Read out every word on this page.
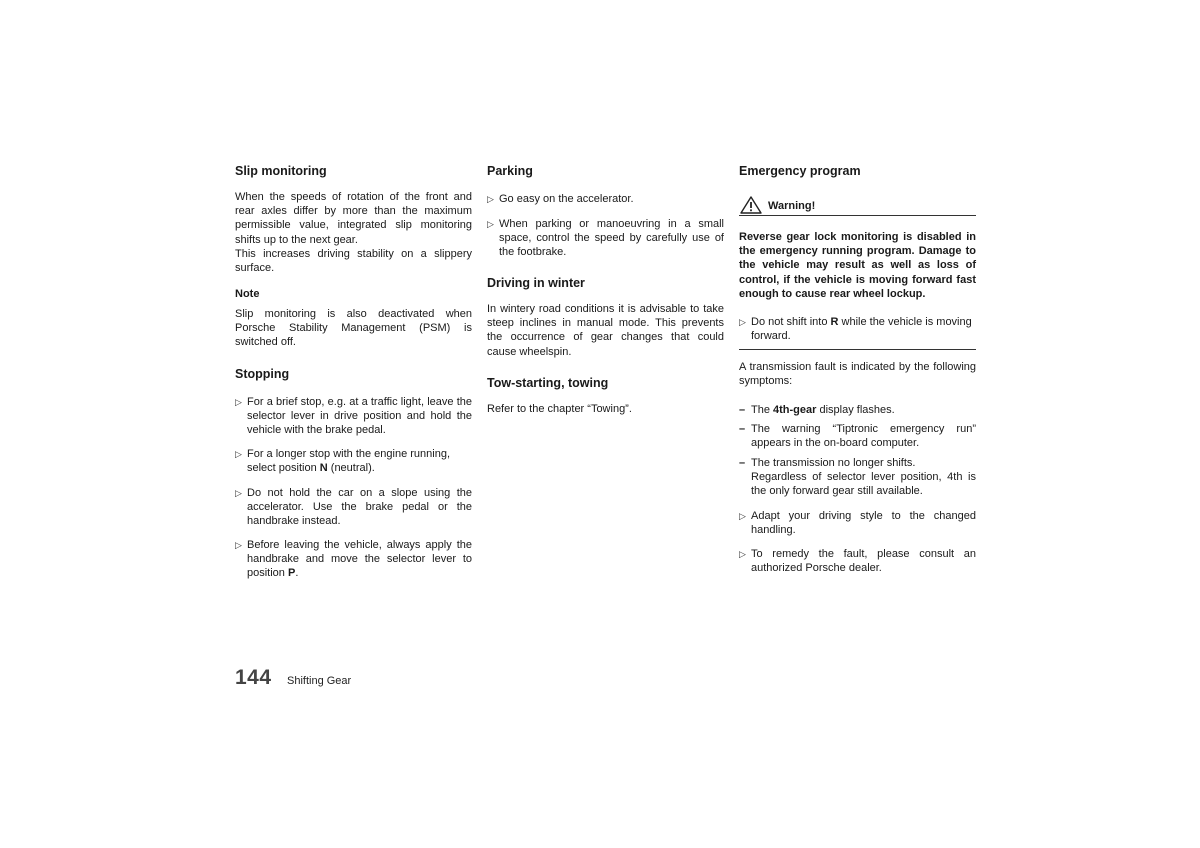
Slip monitoring

When the speeds of rotation of the front and rear axles differ by more than the maximum permissible value, integrated slip monitoring shifts up to the next gear.

This increases driving stability on a slippery surface.

Note

Slip monitoring is also deactivated when Porsche Stability Management (PSM) is switched off.

Stopping
▷ For a brief stop, e.g. at a traffic light, leave the selector lever in drive position and hold the vehicle with the brake pedal.

▷ For a longer stop with the engine running, select position N (neutral).

▷ Do not hold the car on a slope using the accelerator. Use the brake pedal or the handbrake instead.

▷ Before leaving the vehicle, always apply the handbrake and move the selector lever to position P.

Parking
▷ Go easy on the accelerator.

▷ When parking or manoeuvring in a small space, control the speed by carefully use of the footbrake.

Driving in winter

In wintery road conditions it is advisable to take steep inclines in manual mode. This prevents the occurrence of gear changes that could cause wheelspin.

Tow-starting, towing

Refer to the chapter “Towing”.

Emergency program
Warning!

Reverse gear lock monitoring is disabled in the emergency running program. Damage to the vehicle may result as well as loss of control, if the vehicle is moving forward fast enough to cause rear wheel lockup.

▷ Do not shift into R while the vehicle is moving forward.

A transmission fault is indicated by the following symptoms:

– The 4th-gear display flashes.

– The warning “Tiptronic emergency run” appears in the on-board computer.

– The transmission no longer shifts.

Regardless of selector lever position, 4th is the only forward gear still available.

▷ Adapt your driving style to the changed handling.

▷ To remedy the fault, please consult an authorized Porsche dealer.

144 Shifting Gear
